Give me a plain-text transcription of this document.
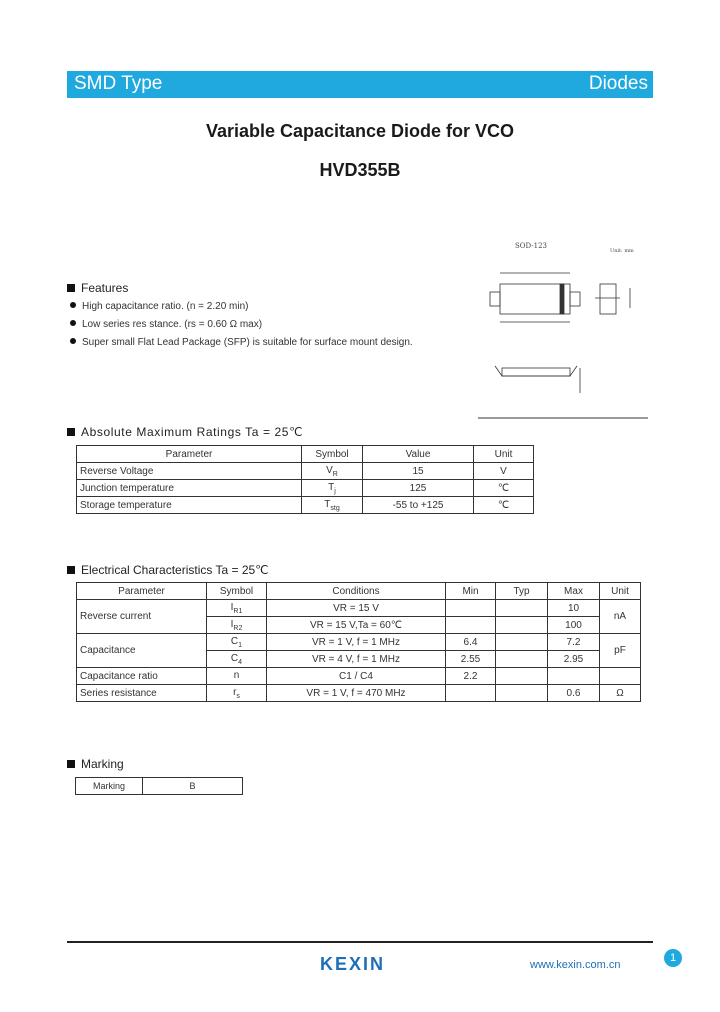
SMD Type	Diodes
Variable Capacitance Diode for VCO
HVD355B
SOD-123
Unit: mm
Features
High capacitance ratio. (n = 2.20 min)
Low series res stance. (rs = 0.60 Ω max)
Super small Flat Lead Package (SFP) is suitable for surface mount design.
Absolute Maximum Ratings Ta = 25℃
Parameter	Symbol	Value	Unit
Reverse Voltage	$V_R$	15	V
Junction temperature	$T_j$	125	℃
Storage temperature	$T_{stg}$	-55 to +125	℃
Electrical Characteristics Ta = 25℃
Parameter	Symbol	Conditions	Min	Typ	Max	Unit
Reverse current	$I_{R1}$	VR = 15 V			10	nA
	$I_{R2}$	VR = 15 V,Ta = 60℃			100	
Capacitance	$C_1$	VR = 1 V, f = 1 MHz	6.4		7.2	pF
	$C_4$	VR = 4 V, f = 1 MHz	2.55		2.95	
Capacitance ratio	n	C1 / C4	2.2			
Series resistance	$r_s$	VR = 1 V, f = 470 MHz			0.6	Ω
Marking
Marking	B
KEXIN	www.kexin.com.cn
1
